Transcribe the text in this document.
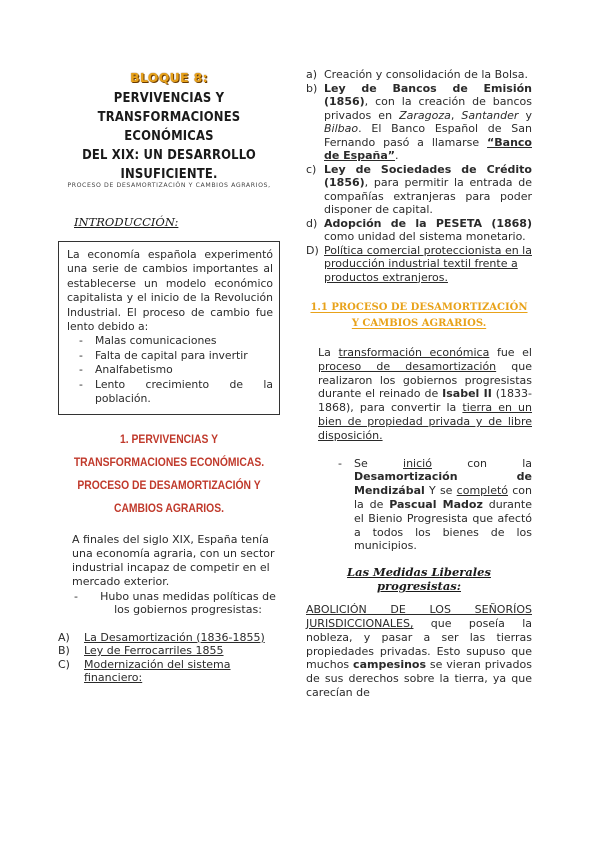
BLOQUE 8:
PERVIVENCIAS Y
TRANSFORMACIONES ECONÓMICAS
DEL XIX: UN DESARROLLO
INSUFICIENTE.
PROCESO DE DESAMORTIZACIÓN Y CAMBIOS AGRARIOS,
INTRODUCCIÓN:
La economía española experimentó una serie de cambios importantes al establecerse un modelo económico capitalista y el inicio de la Revolución Industrial. El proceso de cambio fue lento debido a:
- Malas comunicaciones
- Falta de capital para invertir
- Analfabetismo
- Lento crecimiento de la población.
1. PERVIVENCIAS Y
TRANSFORMACIONES ECONÓMICAS.
PROCESO DE DESAMORTIZACIÓN Y
CAMBIOS AGRARIOS.
A finales del siglo XIX, España tenía una economía agraria, con un sector industrial incapaz de competir en el mercado exterior.
-	Hubo unas medidas políticas de los gobiernos progresistas:
A) La Desamortización (1836-1855)
B) Ley de Ferrocarriles 1855
C) Modernización del sistema financiero:
a) Creación y consolidación de la Bolsa.
b) Ley de Bancos de Emisión (1856), con la creación de bancos privados en Zaragoza, Santander y Bilbao. El Banco Español de San Fernando pasó a llamarse “Banco de España”.
c) Ley de Sociedades de Crédito (1856), para permitir la entrada de compañías extranjeras para poder disponer de capital.
d) Adopción de la PESETA (1868) como unidad del sistema monetario.
D) Política comercial proteccionista en la producción industrial textil frente a productos extranjeros.
1.1 PROCESO DE DESAMORTIZACIÓN
Y CAMBIOS AGRARIOS.
La transformación económica fue el proceso de desamortización que realizaron los gobiernos progresistas durante el reinado de Isabel II (1833-1868), para convertir la tierra en un bien de propiedad privada y de libre disposición.
- Se inició con la Desamortización de Mendizábal Y se completó con la de Pascual Madoz durante el Bienio Progresista que afectó a todos los bienes de los municipios.
Las Medidas Liberales progresistas:
ABOLICIÓN DE LOS SEÑORÍOS JURISDICCIONALES, que poseía la nobleza, y pasar a ser las tierras propiedades privadas. Esto supuso que muchos campesinos se vieran privados de sus derechos sobre la tierra, ya que carecían de
